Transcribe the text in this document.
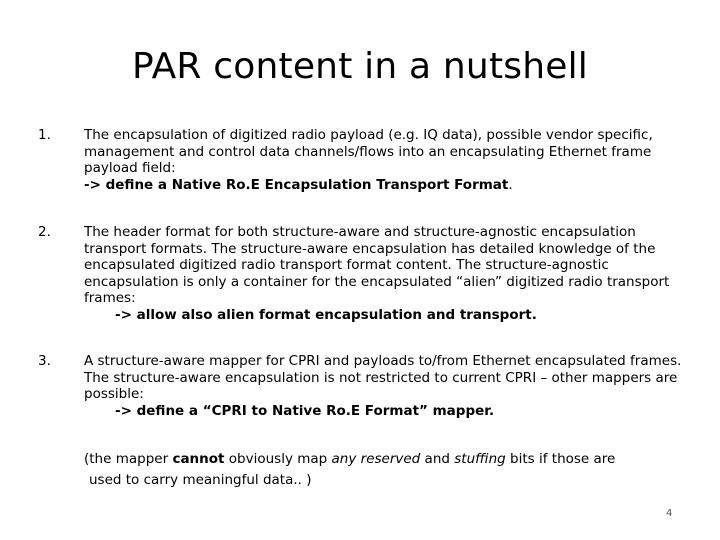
PAR content in a nutshell
1. The encapsulation of digitized radio payload (e.g. IQ data), possible vendor specific, management and control data channels/flows into an encapsulating Ethernet frame payload field:

-> define a Native Ro.E Encapsulation Transport Format.

2. The header format for both structure-aware and structure-agnostic encapsulation transport formats. The structure-aware encapsulation has detailed knowledge of the encapsulated digitized radio transport format content. The structure-agnostic encapsulation is only a container for the encapsulated “alien” digitized radio transport frames:

-> allow also alien format encapsulation and transport.

3. A structure-aware mapper for CPRI and payloads to/from Ethernet encapsulated frames. The structure-aware encapsulation is not restricted to current CPRI – other mappers are possible:

-> define a “CPRI to Native Ro.E Format” mapper.

(the mapper cannot obviously map any reserved and stuffing bits if those are

used to carry meaningful data.. )

4
